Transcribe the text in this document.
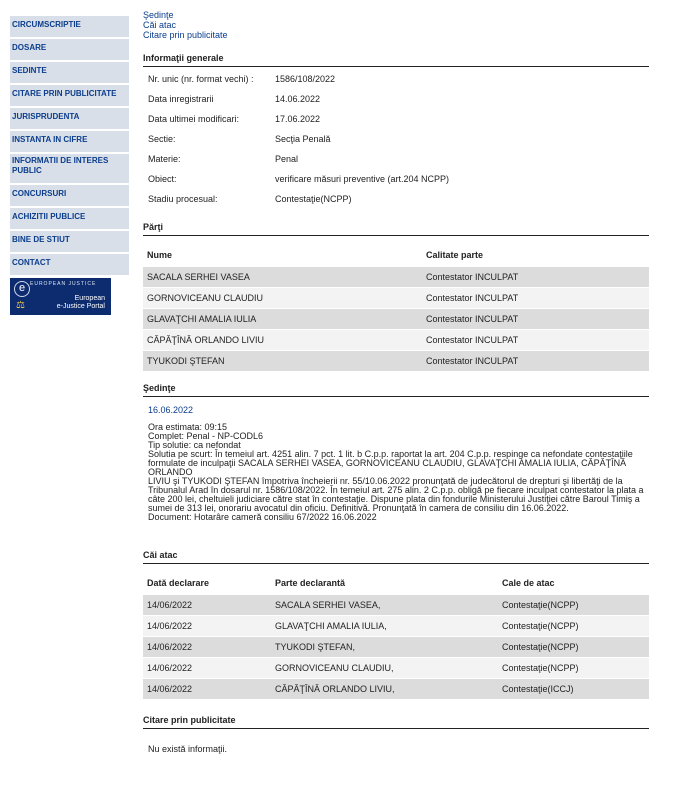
CIRCUMSCRIPTIE
DOSARE
SEDINTE
CITARE PRIN PUBLICITATE
JURISPRUDENTA
INSTANTA IN CIFRE
INFORMATII DE INTERES PUBLIC
CONCURSURI
ACHIZITII PUBLICE
BINE DE STIUT
CONTACT
e EUROPEAN JUSTICE
⚖
European
e-Justice Portal
Şedinţe
Căi atac
Citare prin publicitate
Informaţii generale
Nr. unic (nr. format vechi) : 1586/108/2022
Data inregistrarii	14.06.2022
Data ultimei modificari:	17.06.2022
Sectie:	Secţia Penală
Materie:	Penal
Obiect:	verificare măsuri preventive (art.204 NCPP)
Stadiu procesual:	Contestaţie(NCPP)
Părţi
Nume	Calitate parte
SACALA SERHEI VASEA	Contestator INCULPAT
GORNOVICEANU CLAUDIU	Contestator INCULPAT
GLAVAŢCHI AMALIA IULIA	Contestator INCULPAT
CĂPĂŢÎNĂ ORLANDO LIVIU	Contestator INCULPAT
TYUKODI ŞTEFAN	Contestator INCULPAT
Şedinţe
16.06.2022
Ora estimata: 09:15
Complet: Penal - NP-CODL6
Tip solutie: ca nefondat
Solutia pe scurt: În temeiul art. 4251 alin. 7 pct. 1 lit. b C.p.p. raportat la art. 204 C.p.p. respinge ca nefondate contestaţiile
formulate de inculpaţii SACALA SERHEI VASEA, GORNOVICEANU CLAUDIU, GLAVAŢCHI AMALIA IULIA, CĂPĂŢÎNĂ ORLANDO
LIVIU şi TYUKODI ŞTEFAN împotriva încheierii nr. 55/10.06.2022 pronunţată de judecătorul de drepturi şi libertăţi de la
Tribunalul Arad în dosarul nr. 1586/108/2022. În temeiul art. 275 alin. 2 C.p.p. obligă pe fiecare inculpat contestator la plata a
câte 200 lei, cheltuieli judiciare către stat în contestaţie. Dispune plata din fondurile Ministerului Justiţiei către Baroul Timiş a
sumei de 313 lei, onorariu avocatul din oficiu. Definitivă. Pronunţată în camera de consiliu din 16.06.2022.
Document: Hotarâre cameră consiliu 67/2022 16.06.2022
Căi atac
Dată declarare	Parte declarantă	Cale de atac
14/06/2022	SACALA SERHEI VASEA,	Contestaţie(NCPP)
14/06/2022	GLAVAŢCHI AMALIA IULIA,	Contestaţie(NCPP)
14/06/2022	TYUKODI ŞTEFAN,	Contestaţie(NCPP)
14/06/2022	GORNOVICEANU CLAUDIU,	Contestaţie(NCPP)
14/06/2022	CĂPĂŢÎNĂ ORLANDO LIVIU,	Contestaţie(ICCJ)
Citare prin publicitate
Nu există informaţii.
